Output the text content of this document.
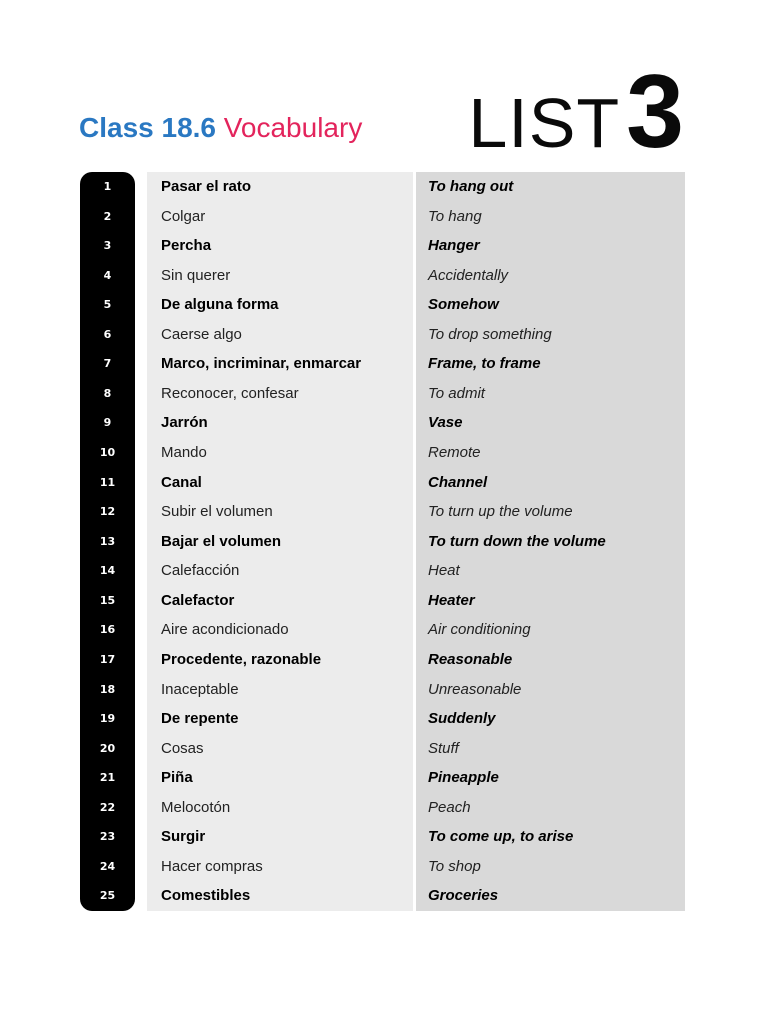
Class 18.6 Vocabulary LIST3
1
2
3
4
5
6
7
8
9
10
11
12
13
14
15
16
17
18
19
20
21
22
23
24
25
Pasar el rato
Colgar
Percha
Sin querer
De alguna forma
Caerse algo
Marco, incriminar, enmarcar
Reconocer, confesar
Jarrón
Mando
Canal
Subir el volumen
Bajar el volumen
Calefacción
Calefactor
Aire acondicionado
Procedente, razonable
Inaceptable
De repente
Cosas
Piña
Melocotón
Surgir
Hacer compras
Comestibles
To hang out
To hang
Hanger
Accidentally
Somehow
To drop something
Frame, to frame
To admit
Vase
Remote
Channel
To turn up the volume
To turn down the volume
Heat
Heater
Air conditioning
Reasonable
Unreasonable
Suddenly
Stuff
Pineapple
Peach
To come up, to arise
To shop
Groceries
